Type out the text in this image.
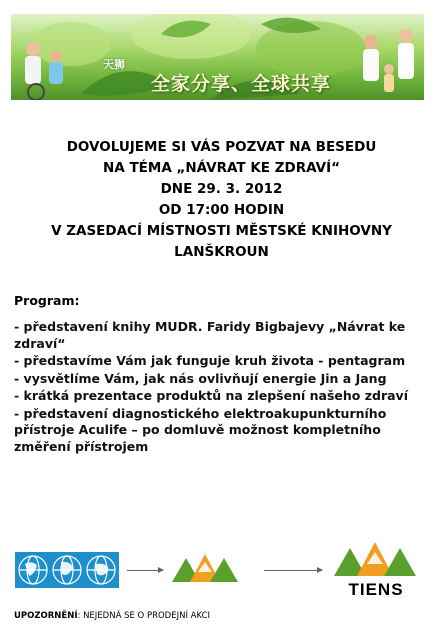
天狮
全家分享、全球共享
DOVOLUJEME SI VÁS POZVAT NA BESEDU
NA TÉMA „NÁVRAT KE ZDRAVÍ“
DNE 29. 3. 2012
OD 17:00 HODIN
V ZASEDACÍ MÍSTNOSTI MĚSTSKÉ KNIHOVNY
LANŠKROUN
Program:
- představení knihy MUDR. Faridy Bigbajevy „Návrat ke zdraví“
- představíme Vám jak funguje kruh života - pentagram
- vysvětlíme Vám, jak nás ovlivňují energie Jin a Jang
- krátká prezentace produktů na zlepšení našeho zdraví
- představení diagnostického elektroakupunkturního přístroje Aculife – po domluvě možnost kompletního změření přístrojem
TIENS
UPOZORNĚNÍ: NEJEDNÁ SE O PRODEJNÍ AKCI
